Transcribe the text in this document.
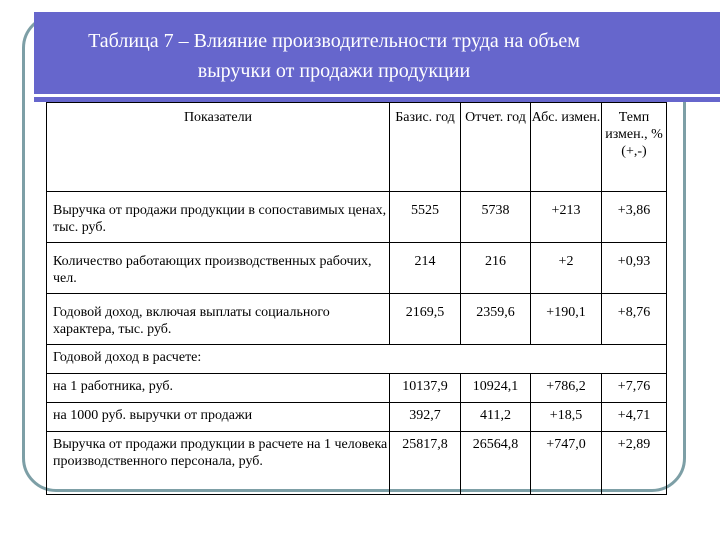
Таблица 7 – Влияние производительности труда на объем
выручки от продажи продукции
Показатели	Базис. год	Отчет. год	Абс. измен.	Темп измен., % (+,-)
Выручка от продажи продукции в сопоставимых ценах, тыс. руб.	5525	5738	+213	+3,86
Количество работающих производственных рабочих, чел.	214	216	+2	+0,93
Годовой доход, включая выплаты социального характера, тыс. руб.	2169,5	2359,6	+190,1	+8,76
Годовой доход в расчете:				
на 1 работника, руб.	10137,9	10924,1	+786,2	+7,76
на 1000 руб. выручки от продажи	392,7	411,2	+18,5	+4,71
Выручка от продажи продукции в расчете на 1 человека производственного персонала, руб.	25817,8	26564,8	+747,0	+2,89
